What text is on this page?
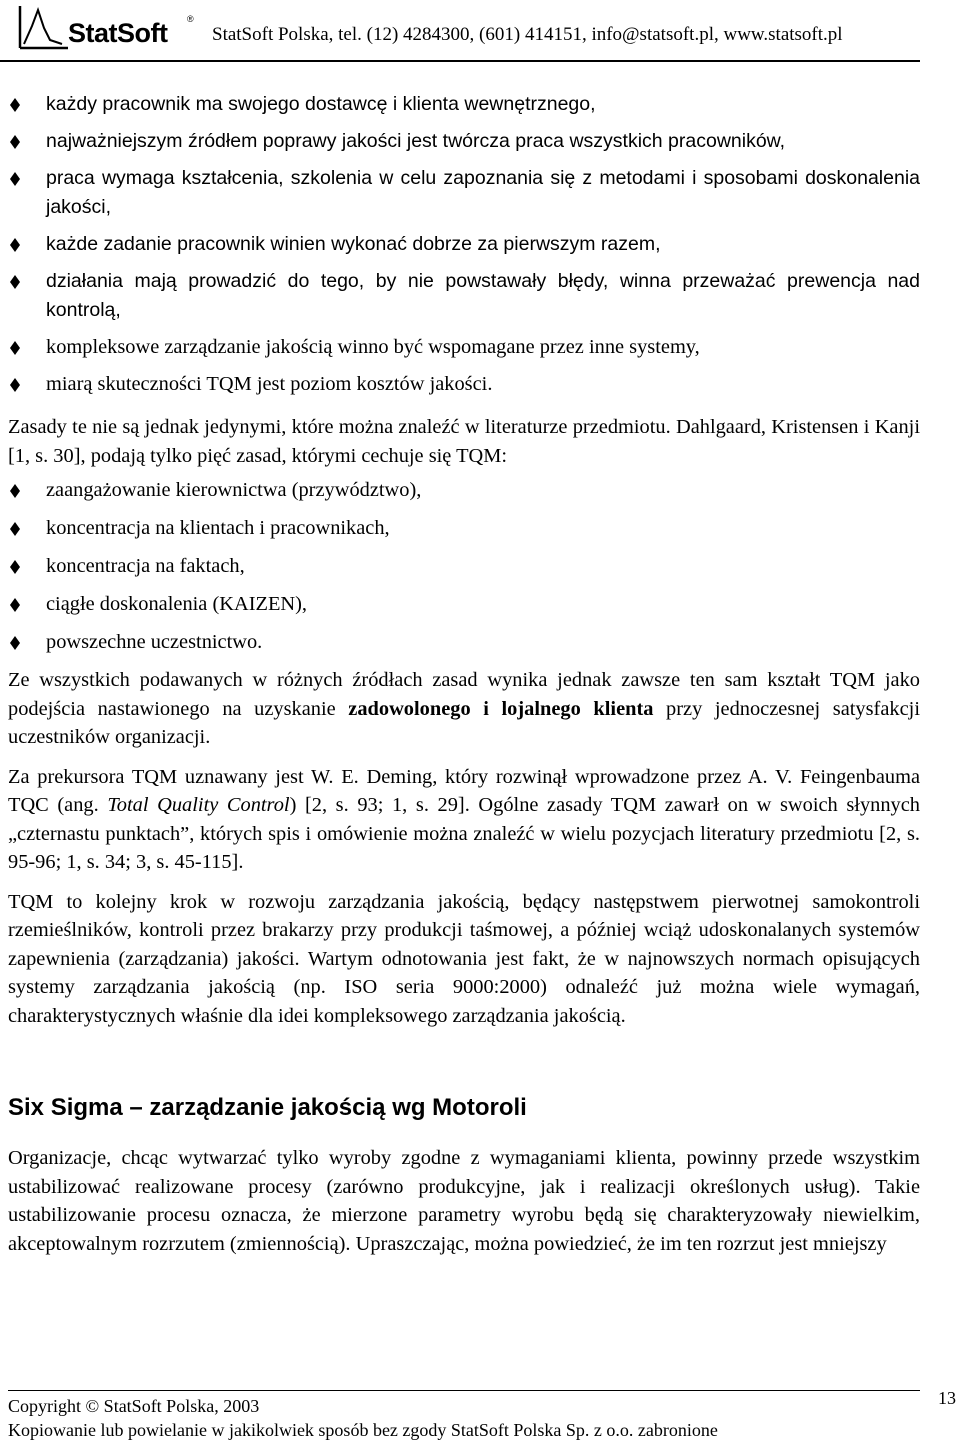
StatSoft ®
StatSoft Polska, tel. (12) 4284300, (601) 414151, info@statsoft.pl, www.statsoft.pl
każdy pracownik ma swojego dostawcę i klienta wewnętrznego,
najważniejszym źródłem poprawy jakości jest twórcza praca wszystkich pracowników,
praca wymaga kształcenia, szkolenia w celu zapoznania się z metodami i sposobami doskonalenia jakości,
każde zadanie pracownik winien wykonać dobrze za pierwszym razem,
działania mają prowadzić do tego, by nie powstawały błędy, winna przeważać prewencja nad kontrolą,
kompleksowe zarządzanie jakością winno być wspomagane przez inne systemy,
miarą skuteczności TQM jest poziom kosztów jakości.

Zasady te nie są jednak jedynymi, które można znaleźć w literaturze przedmiotu. Dahlgaard, Kristensen i Kanji [1, s. 30], podają tylko pięć zasad, którymi cechuje się TQM:

zaangażowanie kierownictwa (przywództwo),
koncentracja na klientach i pracownikach,
koncentracja na faktach,
ciągłe doskonalenia (KAIZEN),
powszechne uczestnictwo.

Ze wszystkich podawanych w różnych źródłach zasad wynika jednak zawsze ten sam kształt TQM jako podejścia nastawionego na uzyskanie zadowolonego i lojalnego klienta przy jednoczesnej satysfakcji uczestników organizacji.

Za prekursora TQM uznawany jest W. E. Deming, który rozwinął wprowadzone przez A. V. Feingenbauma TQC (ang. Total Quality Control) [2, s. 93; 1, s. 29]. Ogólne zasady TQM zawarł on w swoich słynnych „czternastu punktach”, których spis i omówienie można znaleźć w wielu pozycjach literatury przedmiotu [2, s. 95-96; 1, s. 34; 3, s. 45-115].

TQM to kolejny krok w rozwoju zarządzania jakością, będący następstwem pierwotnej samokontroli rzemieślników, kontroli przez brakarzy przy produkcji taśmowej, a później wciąż udoskonalanych systemów zapewnienia (zarządzania) jakości. Wartym odnotowania jest fakt, że w najnowszych normach opisujących systemy zarządzania jakością (np. ISO seria 9000:2000) odnaleźć już można wiele wymagań, charakterystycznych właśnie dla idei kompleksowego zarządzania jakością.

Six Sigma – zarządzanie jakością wg Motoroli

Organizacje, chcąc wytwarzać tylko wyroby zgodne z wymaganiami klienta, powinny przede wszystkim ustabilizować realizowane procesy (zarówno produkcyjne, jak i realizacji określonych usług). Takie ustabilizowanie procesu oznacza, że mierzone parametry wyrobu będą się charakteryzowały niewielkim, akceptowalnym rozrzutem (zmiennością). Upraszczając, można powiedzieć, że im ten rozrzut jest mniejszy

Copyright © StatSoft Polska, 2003
Kopiowanie lub powielanie w jakikolwiek sposób bez zgody StatSoft Polska Sp. z o.o. zabronione
13
